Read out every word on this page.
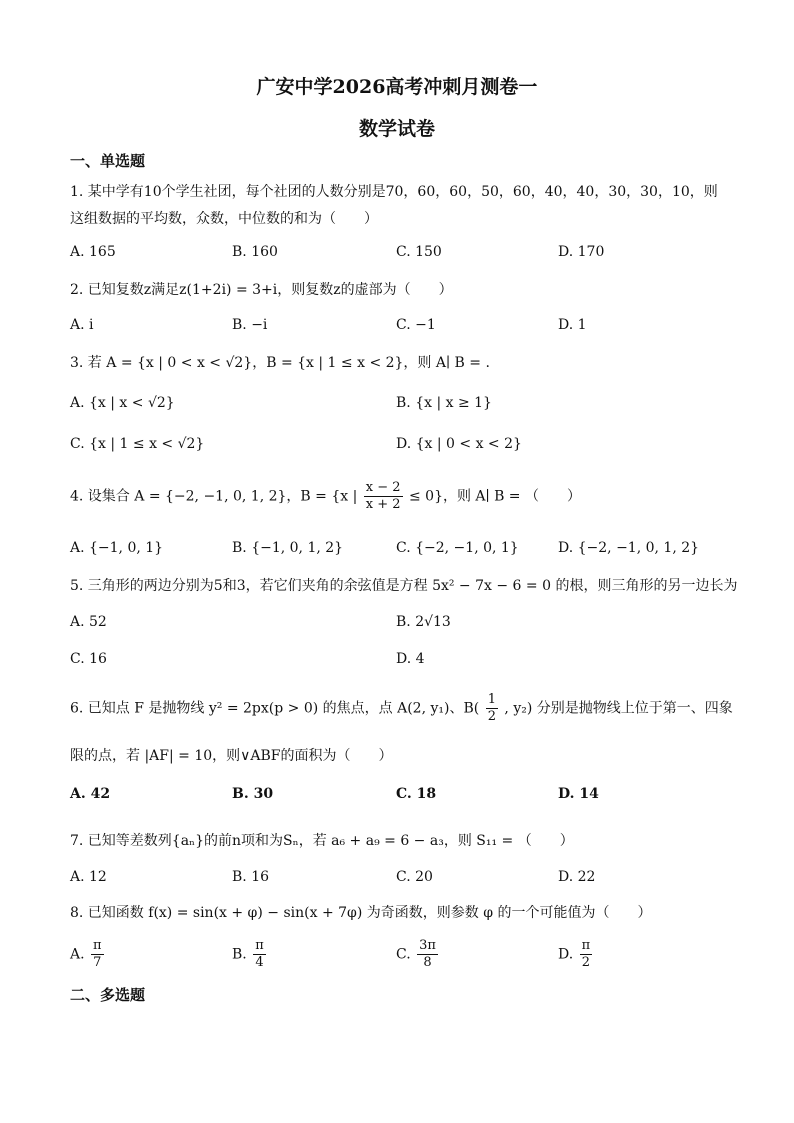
广安中学2026高考冲刺月测卷一
数学试卷
一、单选题
1. 某中学有10个学生社团，每个社团的人数分别是70，60，60，50，60，40，40，30，30，10，则这组数据的平均数，众数，中位数的和为（　　）
A. 165	B. 160	C. 150	D. 170
2. 已知复数z满足z(1+2i) = 3+i，则复数z的虚部为（　　）
A. i	B. −i	C. −1	D. 1
3. 若 A = {x | 0 < x < √2}，B = {x | 1 ≤ x < 2}，则 A∣ B = .
A. {x | x < √2}	B. {x | x ≥ 1}
C. {x | 1 ≤ x < √2}	D. {x | 0 < x < 2}
4. 设集合 A = {−2, −1, 0, 1, 2}，B = {x | $\frac{x - 2}{x + 2} \le 0$}，则 A∣ B = （　　）
A. {−1, 0, 1}	B. {−1, 0, 1, 2}	C. {−2, −1, 0, 1}	D. {−2, −1, 0, 1, 2}
5. 三角形的两边分别为5和3，若它们夹角的余弦值是方程 5x² − 7x − 6 = 0 的根，则三角形的另一边长为
A. 52	B. 2√13
C. 16	D. 4
6. 已知点 F 是抛物线 y² = 2px(p > 0) 的焦点，点 A(2, y₁)、$B( \frac{1}{2}$ , y₂) 分别是抛物线上位于第一、四象
限的点，若 |AF| = 10，则∨ABF的面积为（　　）
A. 42	B. 30	C. 18	D. 14
7. 已知等差数列{aₙ}的前n项和为Sₙ，若 a₆ + a₉ = 6 − a₃，则 S₁₁ = （　　）
A. 12	B. 16	C. 20	D. 22
8. 已知函数 f(x) = sin(x + φ) − sin(x + 7φ) 为奇函数，则参数 φ 的一个可能值为（　　）
A. $\frac{\pi}{7}$	B. $\frac{\pi}{4}$	C. $\frac{3\pi}{8}$	D. $\frac{\pi}{2}$
二、多选题
